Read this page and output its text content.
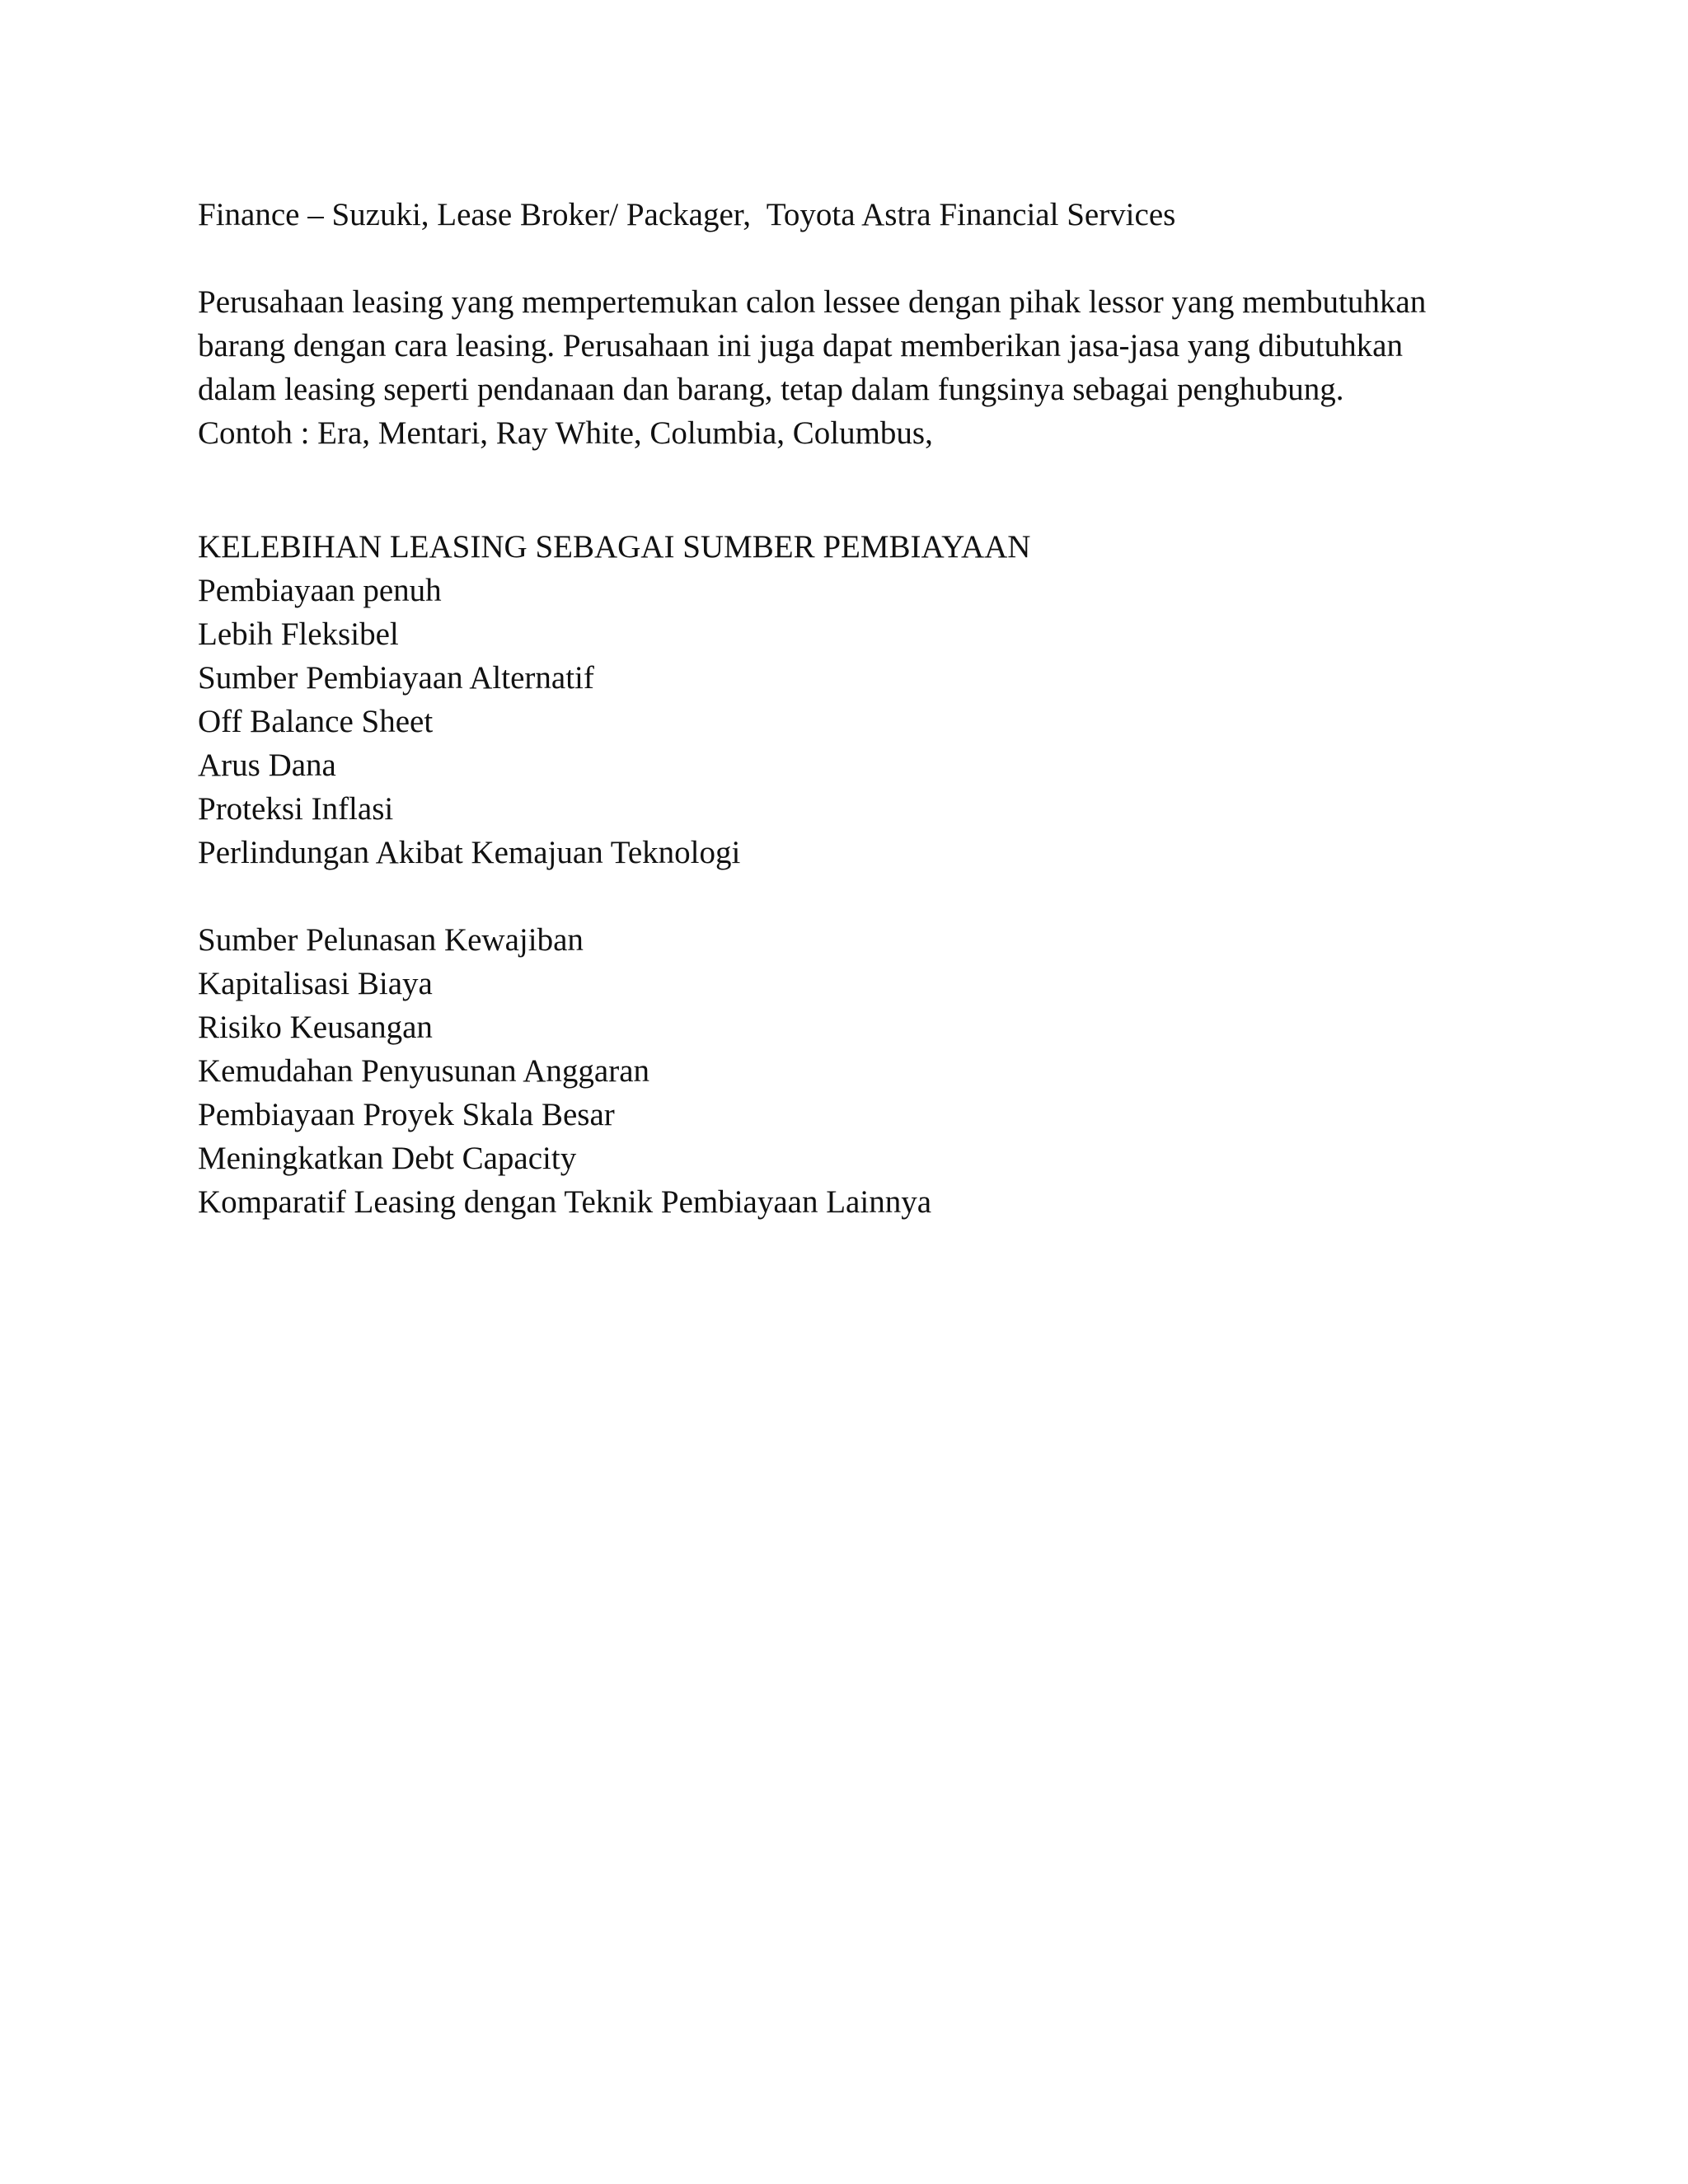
Finance – Suzuki, Lease Broker/ Packager,  Toyota Astra Financial Services

Perusahaan leasing yang mempertemukan calon lessee dengan pihak lessor yang membutuhkan

barang dengan cara leasing. Perusahaan ini juga dapat memberikan jasa-jasa yang dibutuhkan

dalam leasing seperti pendanaan dan barang, tetap dalam fungsinya sebagai penghubung.

Contoh : Era, Mentari, Ray White, Columbia, Columbus,

KELEBIHAN LEASING SEBAGAI SUMBER PEMBIAYAAN

Pembiayaan penuh

Lebih Fleksibel

Sumber Pembiayaan Alternatif

Off Balance Sheet

Arus Dana

Proteksi Inflasi

Perlindungan Akibat Kemajuan Teknologi

Sumber Pelunasan Kewajiban

Kapitalisasi Biaya

Risiko Keusangan

Kemudahan Penyusunan Anggaran

Pembiayaan Proyek Skala Besar

Meningkatkan Debt Capacity

Komparatif Leasing dengan Teknik Pembiayaan Lainnya
